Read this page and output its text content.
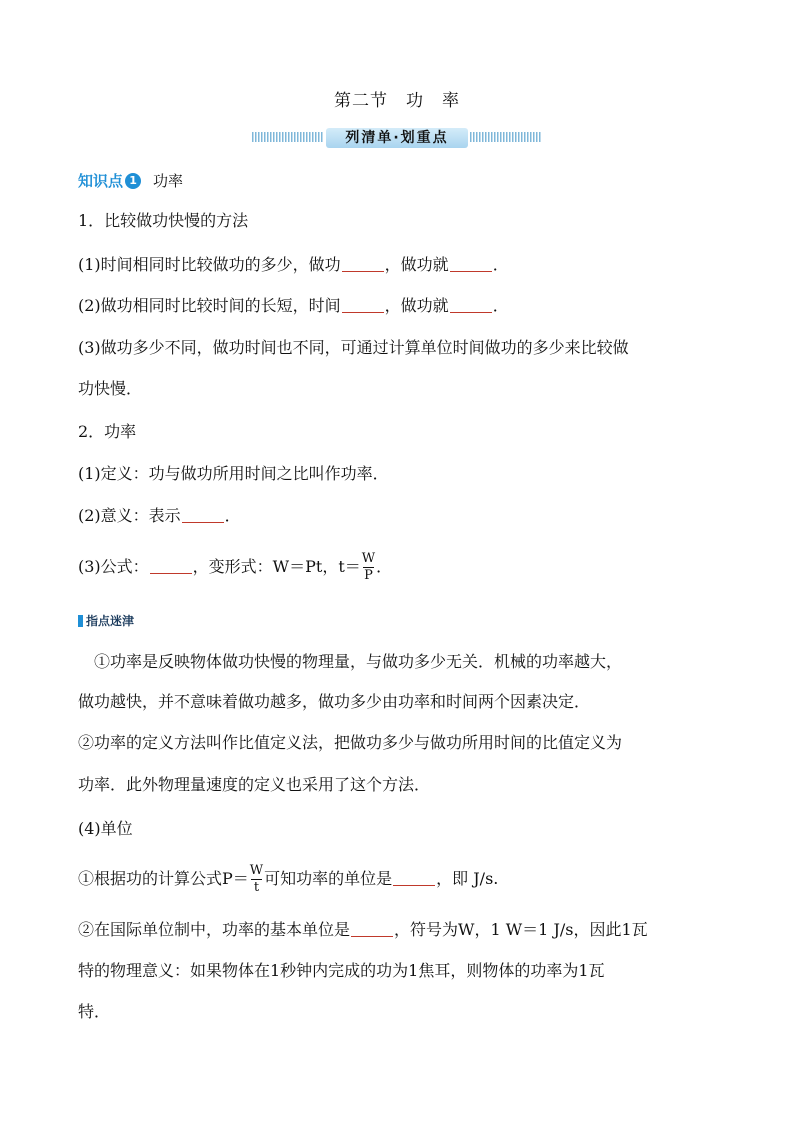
第二节　功　率
列清单·划重点
知识点 1 功率
1．比较做功快慢的方法
(1)时间相同时比较做功的多少，做功	，做功就	．
(2)做功相同时比较时间的长短，时间	，做功就	．
(3)做功多少不同，做功时间也不同，可通过计算单位时间做功的多少来比较做
功快慢．
2．功率
(1)定义：功与做功所用时间之比叫作功率．
(2)意义：表示	．
(3)公式：	，变形式：W＝Pt，$t= \frac{W}{P}$ ．
指点迷津
①功率是反映物体做功快慢的物理量，与做功多少无关．机械的功率越大，
做功越快，并不意味着做功越多，做功多少由功率和时间两个因素决定．
②功率的定义方法叫作比值定义法，把做功多少与做功所用时间的比值定义为
功率．此外物理量速度的定义也采用了这个方法．
(4)单位
①根据功的计算公式$P= \frac{W}{t}$ 可知功率的单位是	，即 J/s.
②在国际单位制中，功率的基本单位是	，符号为W，1 W＝1 J/s，因此1瓦
特的物理意义：如果物体在1秒钟内完成的功为1焦耳，则物体的功率为1瓦
特．
